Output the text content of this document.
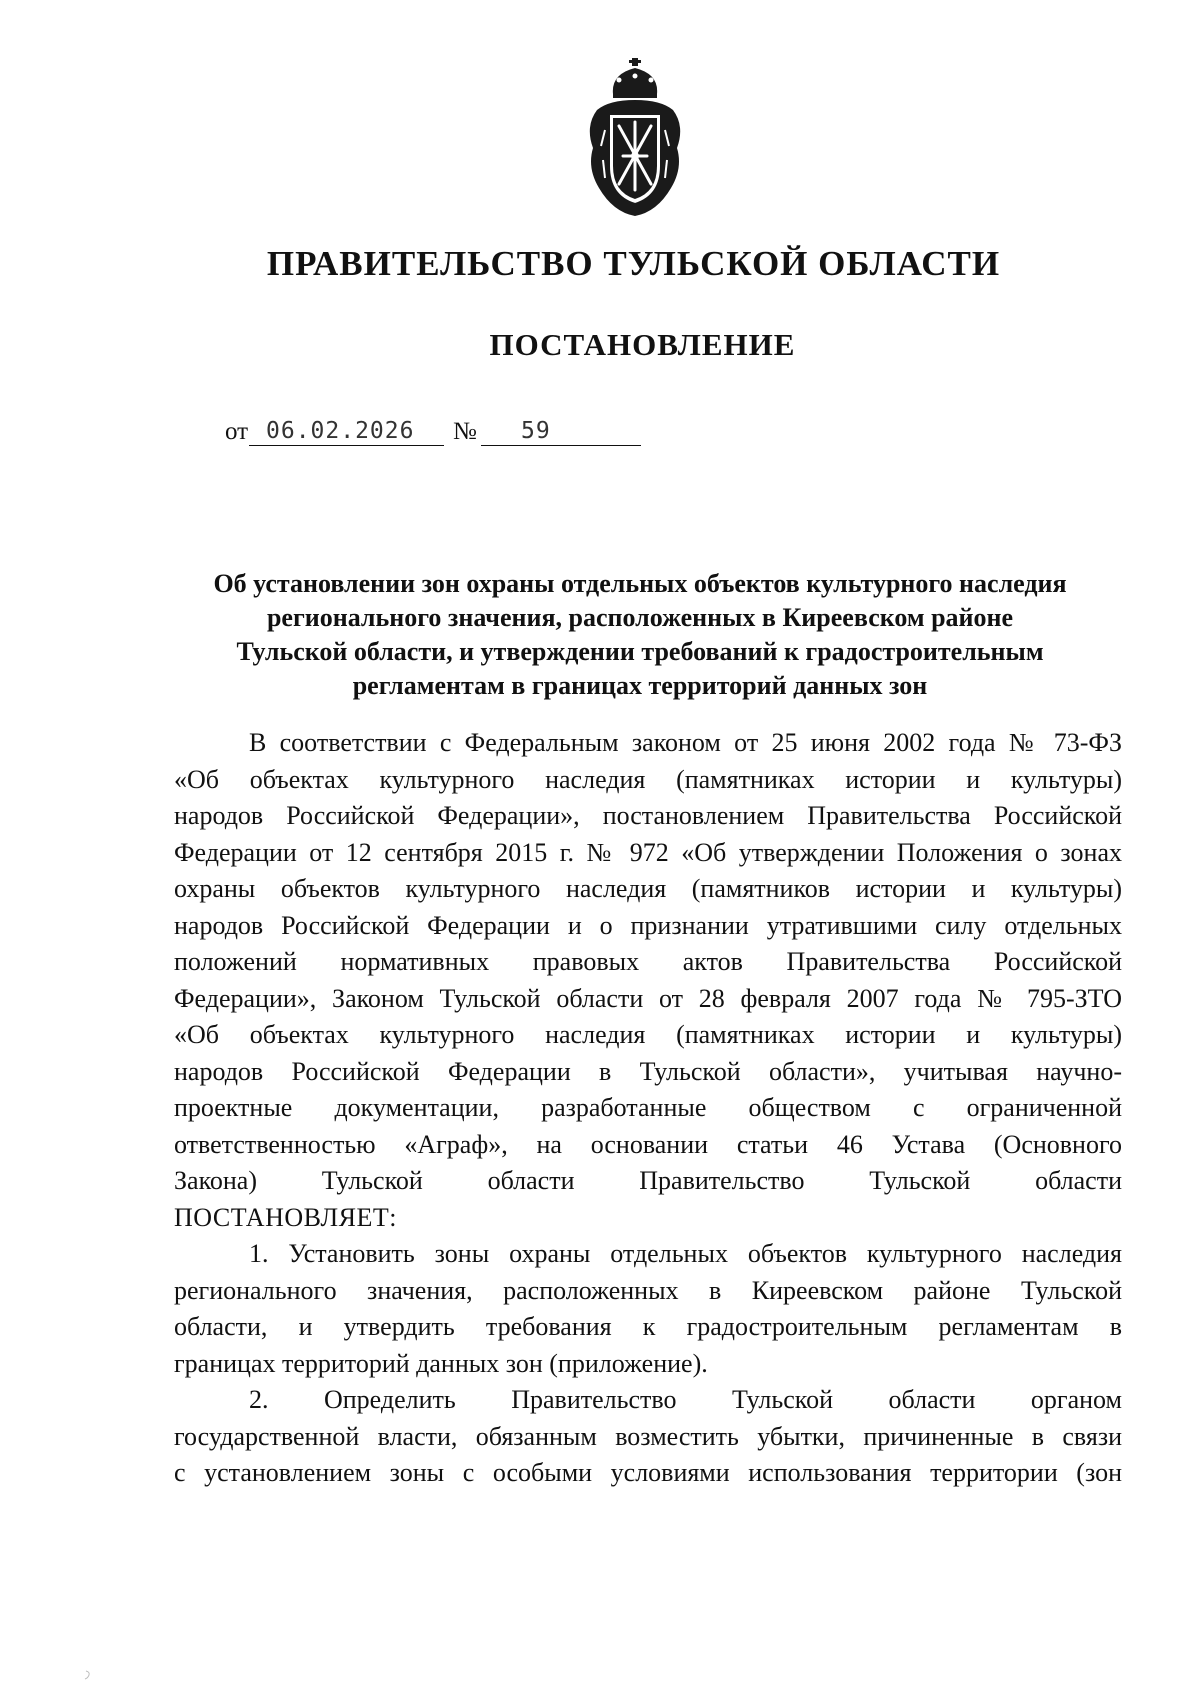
ПРАВИТЕЛЬСТВО ТУЛЬСКОЙ ОБЛАСТИ
ПОСТАНОВЛЕНИЕ
от 06.02.2026	№	59
Об установлении зон охраны отдельных объектов культурного наследия
регионального значения, расположенных в Киреевском районе
Тульской области, и утверждении требований к градостроительным
регламентам в границах территорий данных зон
В соответствии с Федеральным законом от 25 июня 2002 года № 73-ФЗ
«Об объектах культурного наследия (памятниках истории и культуры)
народов Российской Федерации», постановлением Правительства Российской
Федерации от 12 сентября 2015 г. № 972 «Об утверждении Положения о зонах
охраны объектов культурного наследия (памятников истории и культуры)
народов Российской Федерации и о признании утратившими силу отдельных
положений нормативных правовых актов Правительства Российской
Федерации», Законом Тульской области от 28 февраля 2007 года № 795-ЗТО
«Об объектах культурного наследия (памятниках истории и культуры)
народов Российской Федерации в Тульской области», учитывая научно-
проектные документации, разработанные обществом с ограниченной
ответственностью «Аграф», на основании статьи 46 Устава (Основного
Закона) Тульской области Правительство Тульской области
ПОСТАНОВЛЯЕТ:
1. Установить зоны охраны отдельных объектов культурного наследия
регионального значения, расположенных в Киреевском районе Тульской
области, и утвердить требования к градостроительным регламентам в
границах территорий данных зон (приложение).
2. Определить Правительство Тульской области органом
государственной власти, обязанным возместить убытки, причиненные в связи
с установлением зоны с особыми условиями использования территории (зон
